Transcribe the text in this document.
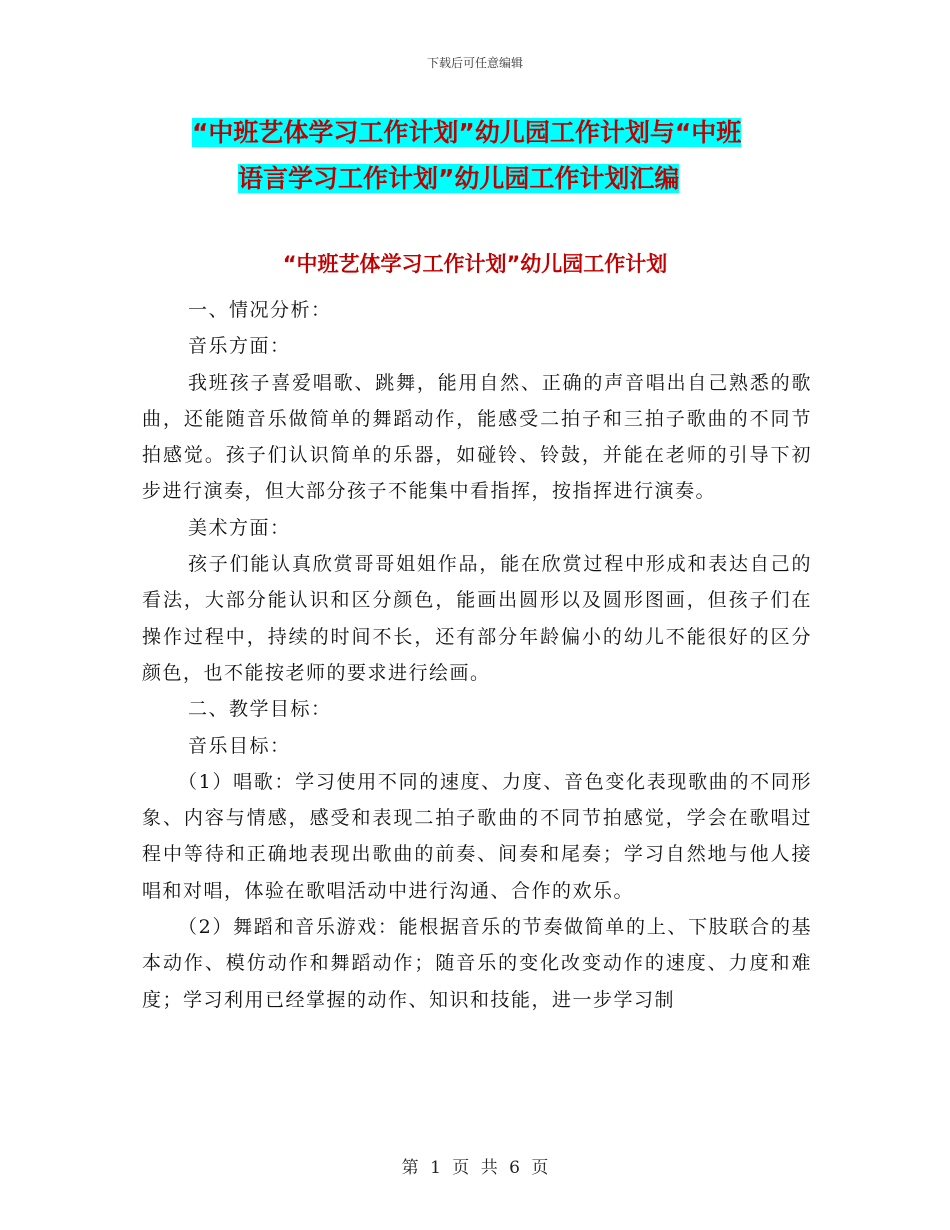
下载后可任意编辑
“中班艺体学习工作计划”幼儿园工作计划与“中班
语言学习工作计划”幼儿园工作计划汇编
“中班艺体学习工作计划”幼儿园工作计划

一、情况分析：

音乐方面：

我班孩子喜爱唱歌、跳舞，能用自然、正确的声音唱出自己熟悉的歌曲，还能随音乐做简单的舞蹈动作，能感受二拍子和三拍子歌曲的不同节拍感觉。孩子们认识简单的乐器，如碰铃、铃鼓，并能在老师的引导下初步进行演奏，但大部分孩子不能集中看指挥，按指挥进行演奏。

美术方面：

孩子们能认真欣赏哥哥姐姐作品，能在欣赏过程中形成和表达自己的看法，大部分能认识和区分颜色，能画出圆形以及圆形图画，但孩子们在操作过程中，持续的时间不长，还有部分年龄偏小的幼儿不能很好的区分颜色，也不能按老师的要求进行绘画。

二、教学目标：

音乐目标：

（1）唱歌：学习使用不同的速度、力度、音色变化表现歌曲的不同形象、内容与情感，感受和表现二拍子歌曲的不同节拍感觉，学会在歌唱过程中等待和正确地表现出歌曲的前奏、间奏和尾奏；学习自然地与他人接唱和对唱，体验在歌唱活动中进行沟通、合作的欢乐。

（2）舞蹈和音乐游戏：能根据音乐的节奏做简单的上、下肢联合的基本动作、模仿动作和舞蹈动作；随音乐的变化改变动作的速度、力度和难度；学习利用已经掌握的动作、知识和技能，进一步学习制

第 1 页 共 6 页
